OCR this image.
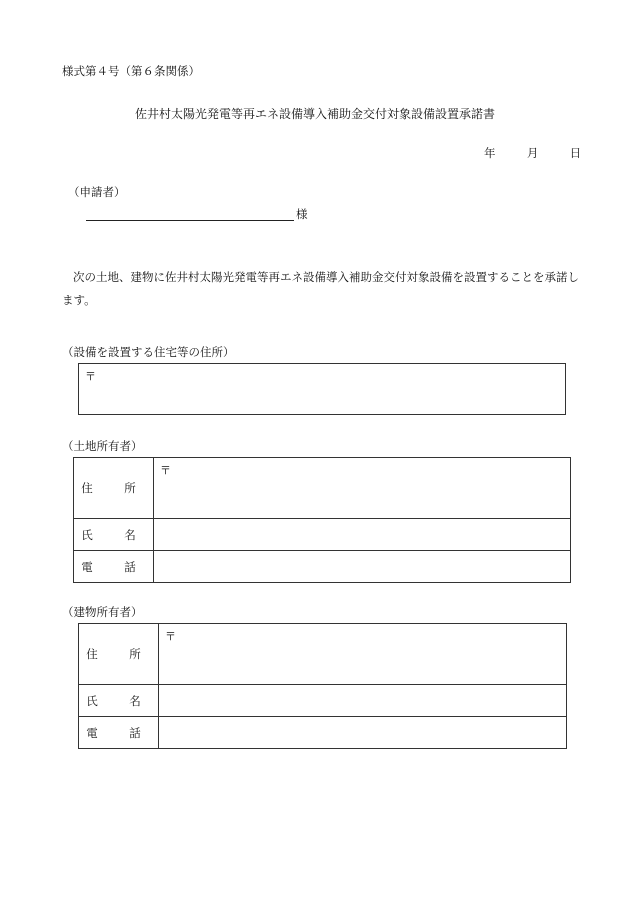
様式第４号（第６条関係）
佐井村太陽光発電等再エネ設備導入補助金交付対象設備設置承諾書
年	月	日
（申請者）
様
次の土地、建物に佐井村太陽光発電等再エネ設備導入補助金交付対象設備を設置することを承諾します。
（設備を設置する住宅等の住所）
〒
（土地所有者）
住　所	〒

氏　名	
電　話	
（建物所有者）
住　所	〒

氏　名	
電　話	
